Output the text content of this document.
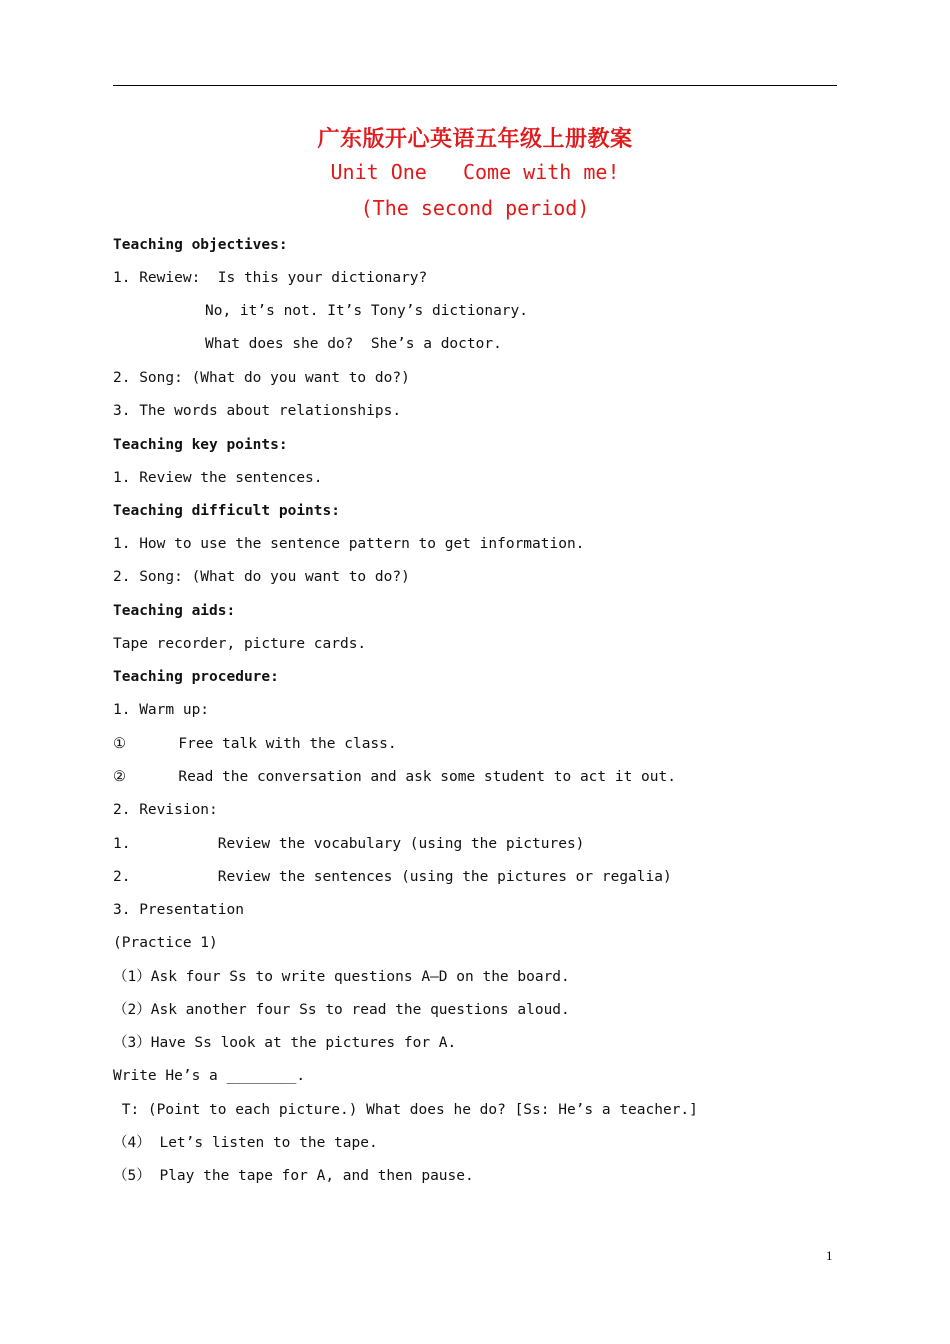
广东版开心英语五年级上册教案
Unit One   Come with me!
(The second period)
Teaching objectives:
1. Rewiew:  Is this your dictionary?
No, it’s not. It’s Tony’s dictionary.
What does she do?  She’s a doctor.
2. Song: (What do you want to do?)
3. The words about relationships.
Teaching key points:
1. Review the sentences.
Teaching difficult points:
1. How to use the sentence pattern to get information.
2. Song: (What do you want to do?)
Teaching aids:
Tape recorder, picture cards.
Teaching procedure:
1. Warm up:
①      Free talk with the class.
②      Read the conversation and ask some student to act it out.
2. Revision:
1.          Review the vocabulary (using the pictures)
2.          Review the sentences (using the pictures or regalia)
3. Presentation
(Practice 1)
（1）Ask four Ss to write questions A—D on the board.
（2）Ask another four Ss to read the questions aloud.
（3）Have Ss look at the pictures for A.
Write He’s a ________.
T: (Point to each picture.) What does he do? [Ss: He’s a teacher.]
（4） Let’s listen to the tape.
（5） Play the tape for A, and then pause.
1
